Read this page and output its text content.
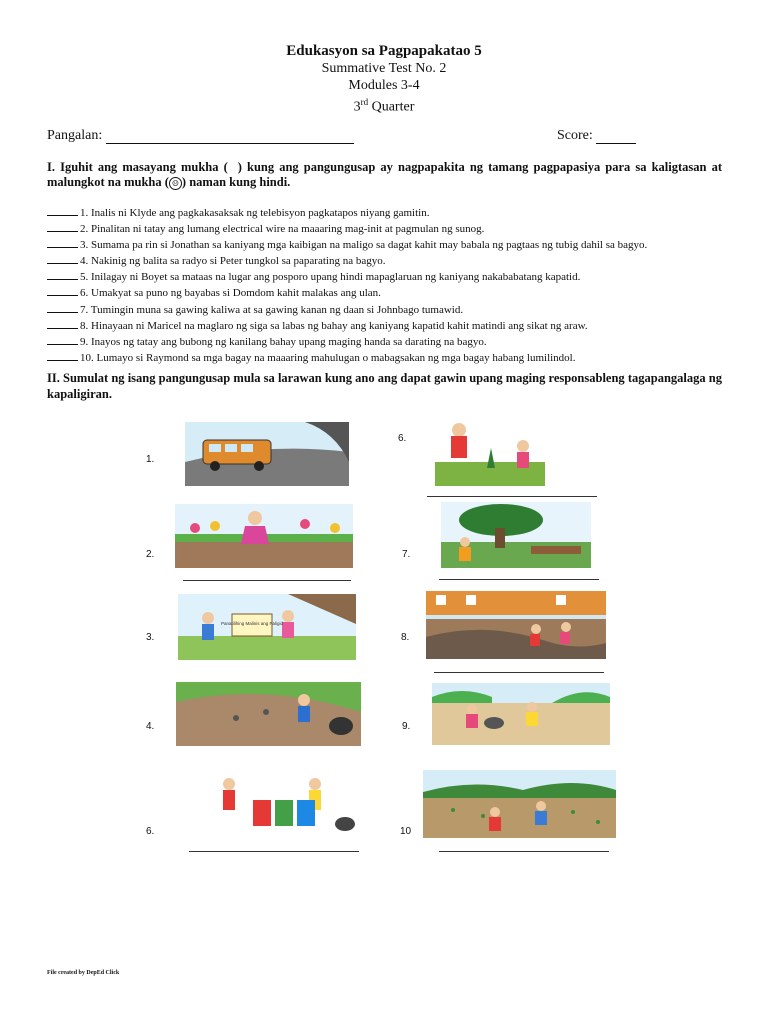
Edukasyon sa Pagpapakatao 5
Summative Test No. 2
Modules 3-4
3rd Quarter
Pangalan:	Score:
I. Iguhit ang masayang mukha ( ) kung ang pangungusap ay nagpapakita ng tamang pagpapasiya para sa kaligtasan at malungkot na mukha ( ☹ ) naman kung hindi.
1. Inalis ni Klyde ang pagkakasaksak ng telebisyon pagkatapos niyang gamitin.
2. Pinalitan ni tatay ang lumang electrical wire na maaaring mag-init at pagmulan ng sunog.
3. Sumama pa rin si Jonathan sa kaniyang mga kaibigan na maligo sa dagat kahit may babala ng pagtaas ng tubig dahil sa bagyo.
4. Nakinig ng balita sa radyo si Peter tungkol sa paparating na bagyo.
5. Inilagay ni Boyet sa mataas na lugar ang posporo upang hindi mapaglaruan ng kaniyang nakababatang kapatid.
6. Umakyat sa puno ng bayabas si Domdom kahit malakas ang ulan.
7. Tumingin muna sa gawing kaliwa at sa gawing kanan ng daan si Johnbago tumawid.
8. Hinayaan ni Maricel na maglaro ng siga sa labas ng bahay ang kaniyang kapatid kahit matindi ang sikat ng araw.
9. Inayos ng tatay ang bubong ng kanilang bahay upang maging handa sa darating na bagyo.
10. Lumayo si Raymond sa mga bagay na maaaring mahulugan o mabagsakan ng mga bagay habang lumilindol.
II. Sumulat ng isang pangungusap mula sa larawan kung ano ang dapat gawin upang maging responsableng tagapangalaga ng kapaligiran.
1.
2.
3.
Panatilihing Malinis ang Paligid
4.
6.
6.
7.
8.
9.
10
File created by DepEd Click
